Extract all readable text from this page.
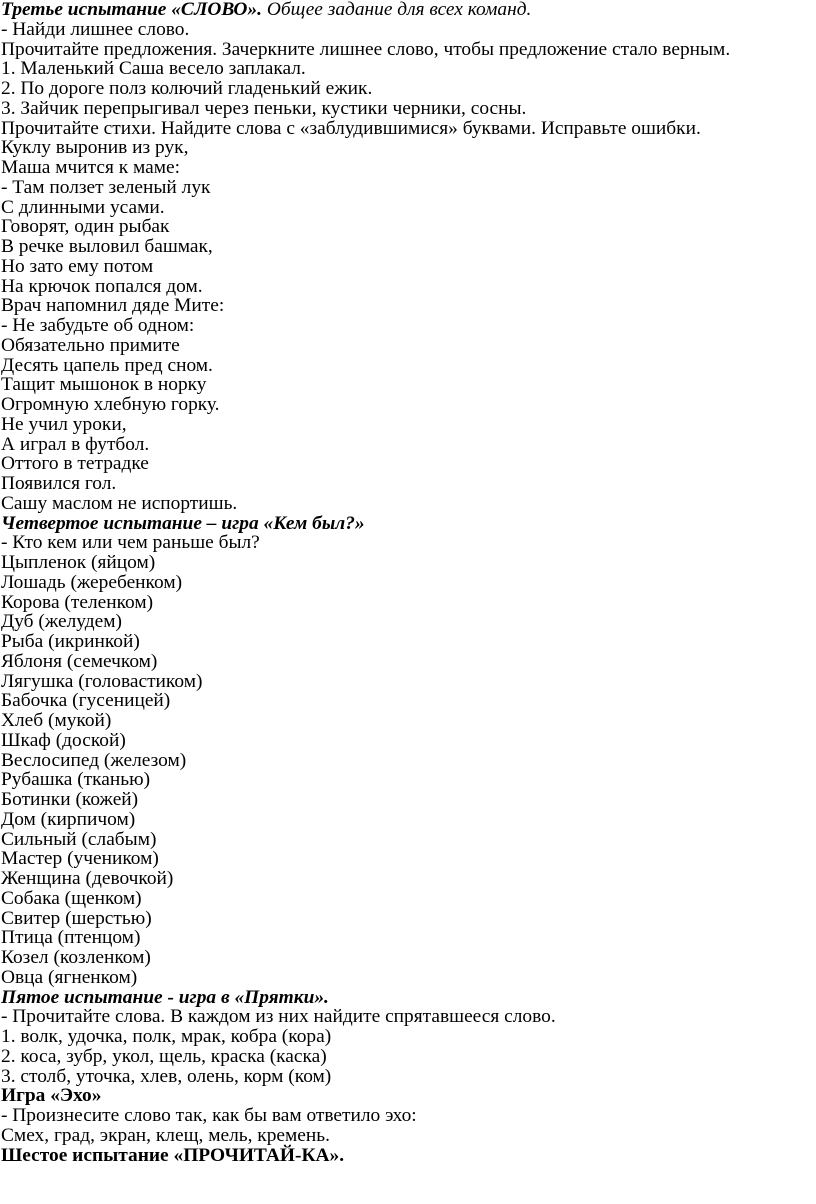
Третье испытание «СЛОВО». Общее задание для всех команд.
- Найди лишнее слово.
Прочитайте предложения. Зачеркните лишнее слово, чтобы предложение стало верным.
1. Маленький Саша весело заплакал.
2. По дороге полз колючий гладенький ежик.
3. Зайчик перепрыгивал через пеньки, кустики черники, сосны.
Прочитайте стихи. Найдите слова с «заблудившимися» буквами. Исправьте ошибки.
Куклу выронив из рук,
Маша мчится к маме:
- Там ползет зеленый лук
С длинными усами.
Говорят, один рыбак
В речке выловил башмак,
Но зато ему потом
На крючок попался дом.
Врач напомнил дяде Мите:
- Не забудьте об одном:
Обязательно примите
Десять цапель пред сном.
Тащит мышонок в норку
Огромную хлебную горку.
Не учил уроки,
А играл в футбол.
Оттого в тетрадке
Появился гол.
Сашу маслом не испортишь.
Четвертое испытание – игра «Кем был?»
- Кто кем или чем раньше был?
Цыпленок (яйцом)
Лошадь (жеребенком)
Корова (теленком)
Дуб (желудем)
Рыба (икринкой)
Яблоня (семечком)
Лягушка (головастиком)
Бабочка (гусеницей)
Хлеб (мукой)
Шкаф (доской)
Веслосипед (железом)
Рубашка (тканью)
Ботинки (кожей)
Дом (кирпичом)
Сильный (слабым)
Мастер (учеником)
Женщина (девочкой)
Собака (щенком)
Свитер (шерстью)
Птица (птенцом)
Козел (козленком)
Овца (ягненком)
Пятое испытание - игра в «Прятки».
- Прочитайте слова. В каждом из них найдите спрятавшееся слово.
1. волк, удочка, полк, мрак, кобра (кора)
2. коса, зубр, укол, щель, краска (каска)
3. столб, уточка, хлев, олень, корм (ком)
Игра «Эхо»
- Произнесите слово так, как бы вам ответило эхо:
Смех, град, экран, клещ, мель, кремень.
Шестое испытание «ПРОЧИТАЙ-КА».
